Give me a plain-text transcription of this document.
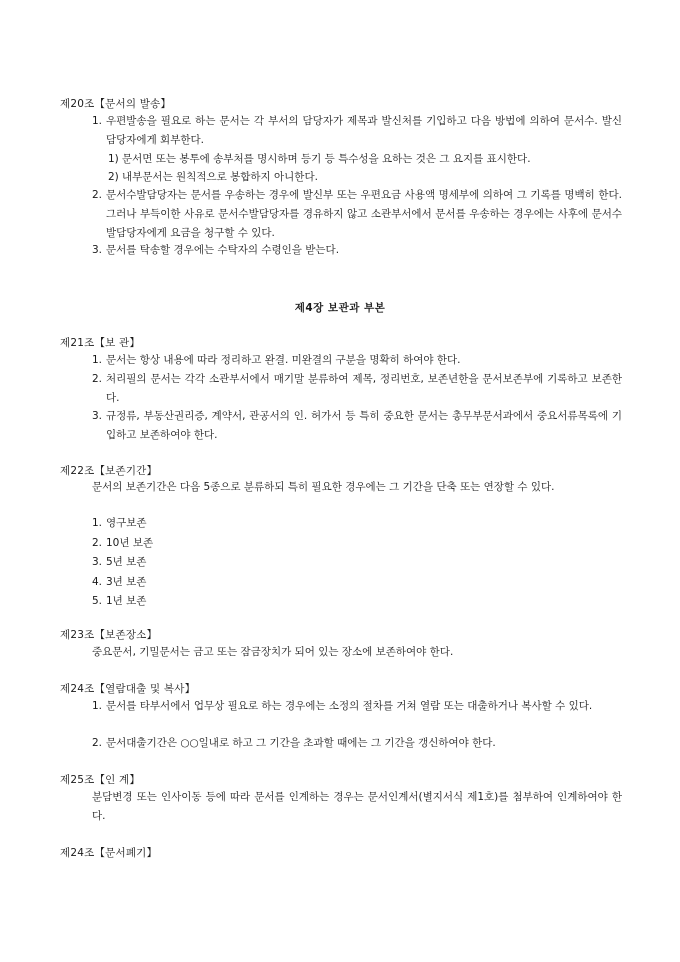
제20조【문서의 발송】
1. 우편발송을 필요로 하는 문서는 각 부서의 담당자가 제목과 발신처를 기입하고 다음 방법에 의하여 문서수. 발신담당자에게 회부한다.
1) 문서면 또는 봉투에 송부처를 명시하며 등기 등 특수성을 요하는 것은 그 요지를 표시한다.
2) 내부문서는 원칙적으로 봉합하지 아니한다.
2. 문서수발담당자는 문서를 우송하는 경우에 발신부 또는 우편요금 사용액 명세부에 의하여 그 기록를 명백히 한다. 그러나 부득이한 사유로 문서수발담당자를 경유하지 않고 소관부서에서 문서를 우송하는 경우에는 사후에 문서수발담당자에게 요금을 청구할 수 있다.
3. 문서를 탁송할 경우에는 수탁자의 수령인을 받는다.
제4장 보관과 부본
제21조【보 관】
1. 문서는 항상 내용에 따라 정리하고 완결. 미완결의 구분을 명확히 하여야 한다.
2. 처리필의 문서는 각각 소관부서에서 매기말 분류하여 제목, 정리번호, 보존년한을 문서보존부에 기록하고 보존한다.
3. 규정류, 부동산권리증, 계약서, 관공서의 인. 허가서 등 특히 중요한 문서는 총무부문서과에서 중요서류목록에 기입하고 보존하여야 한다.
제22조【보존기간】
문서의 보존기간은 다음 5종으로 분류하되 특히 필요한 경우에는 그 기간을 단축 또는 연장할 수 있다.
1. 영구보존
2. 10년 보존
3. 5년 보존
4. 3년 보존
5. 1년 보존
제23조【보존장소】
중요문서, 기밀문서는 금고 또는 잠금장치가 되어 있는 장소에 보존하여야 한다.
제24조【열람대출 및 복사】
1. 문서를 타부서에서 업무상 필요로 하는 경우에는 소정의 절차를 거쳐 열람 또는 대출하거나 복사할 수 있다.
2. 문서대출기간은 ○○일내로 하고 그 기간을 초과할 때에는 그 기간을 갱신하여야 한다.
제25조【인 계】
분담변경 또는 인사이동 등에 따라 문서를 인계하는 경우는 문서인계서(별지서식 제1호)를 첨부하여 인계하여야 한다.
제24조【문서폐기】
